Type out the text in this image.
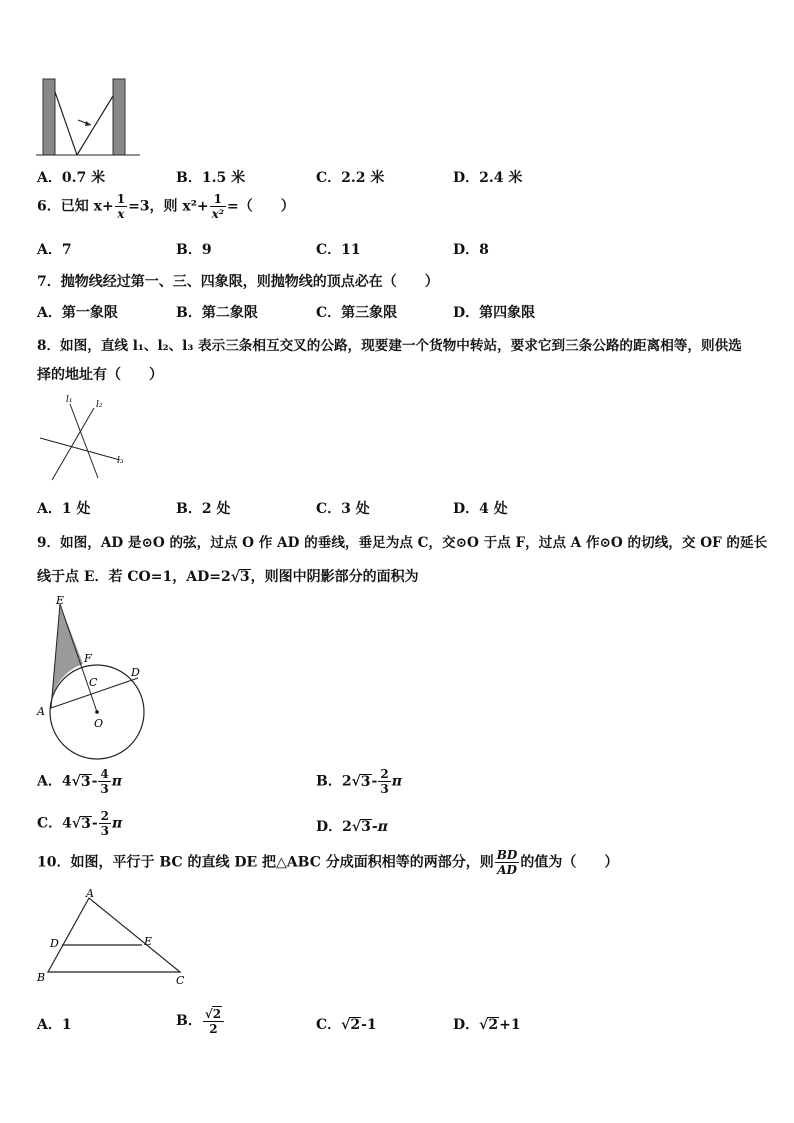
A．0.7 米	B．1.5 米	C．2.2 米	D．2.4 米
6．已知 $x+ \frac{1}{x} =3$，则 $x^2+ \frac{1}{\text{x²}}$ =（　　）
A．7	B．9	C．11	D．8
7．抛物线经过第一、三、四象限，则抛物线的顶点必在（　　）
A．第一象限	B．第二象限	C．第三象限	D．第四象限
8．如图，直线 l₁、l₂、l₃ 表示三条相互交叉的公路，现要建一个货物中转站，要求它到三条公路的距离相等，则供选
择的地址有（　　）
l₁	l₂
l₃
A．1 处	B．2 处	C．3 处	D．4 处
9．如图，AD 是⊙O 的弦，过点 O 作 AD 的垂线，垂足为点 C，交⊙O 于点 F，过点 A 作⊙O 的切线，交 OF 的延长
线于点 E．若 CO=1，AD=2√3，则图中阴影部分的面积为
E
F
D
C
A
O
A．$4√3- \frac{4}{3}$ π	B．$2√3- \frac{2}{3}$ π
C．$4√3- \frac{2}{3}$ π	D．2√3-π
10．如图，平行于 BC 的直线 DE 把△ABC 分成面积相等的两部分，则 $\frac{BD}{AD}$ 的值为（　　）
A
D	E
B	C
A．1	B． $\frac{√2}{2}$	C．√2-1	D．√2+1
